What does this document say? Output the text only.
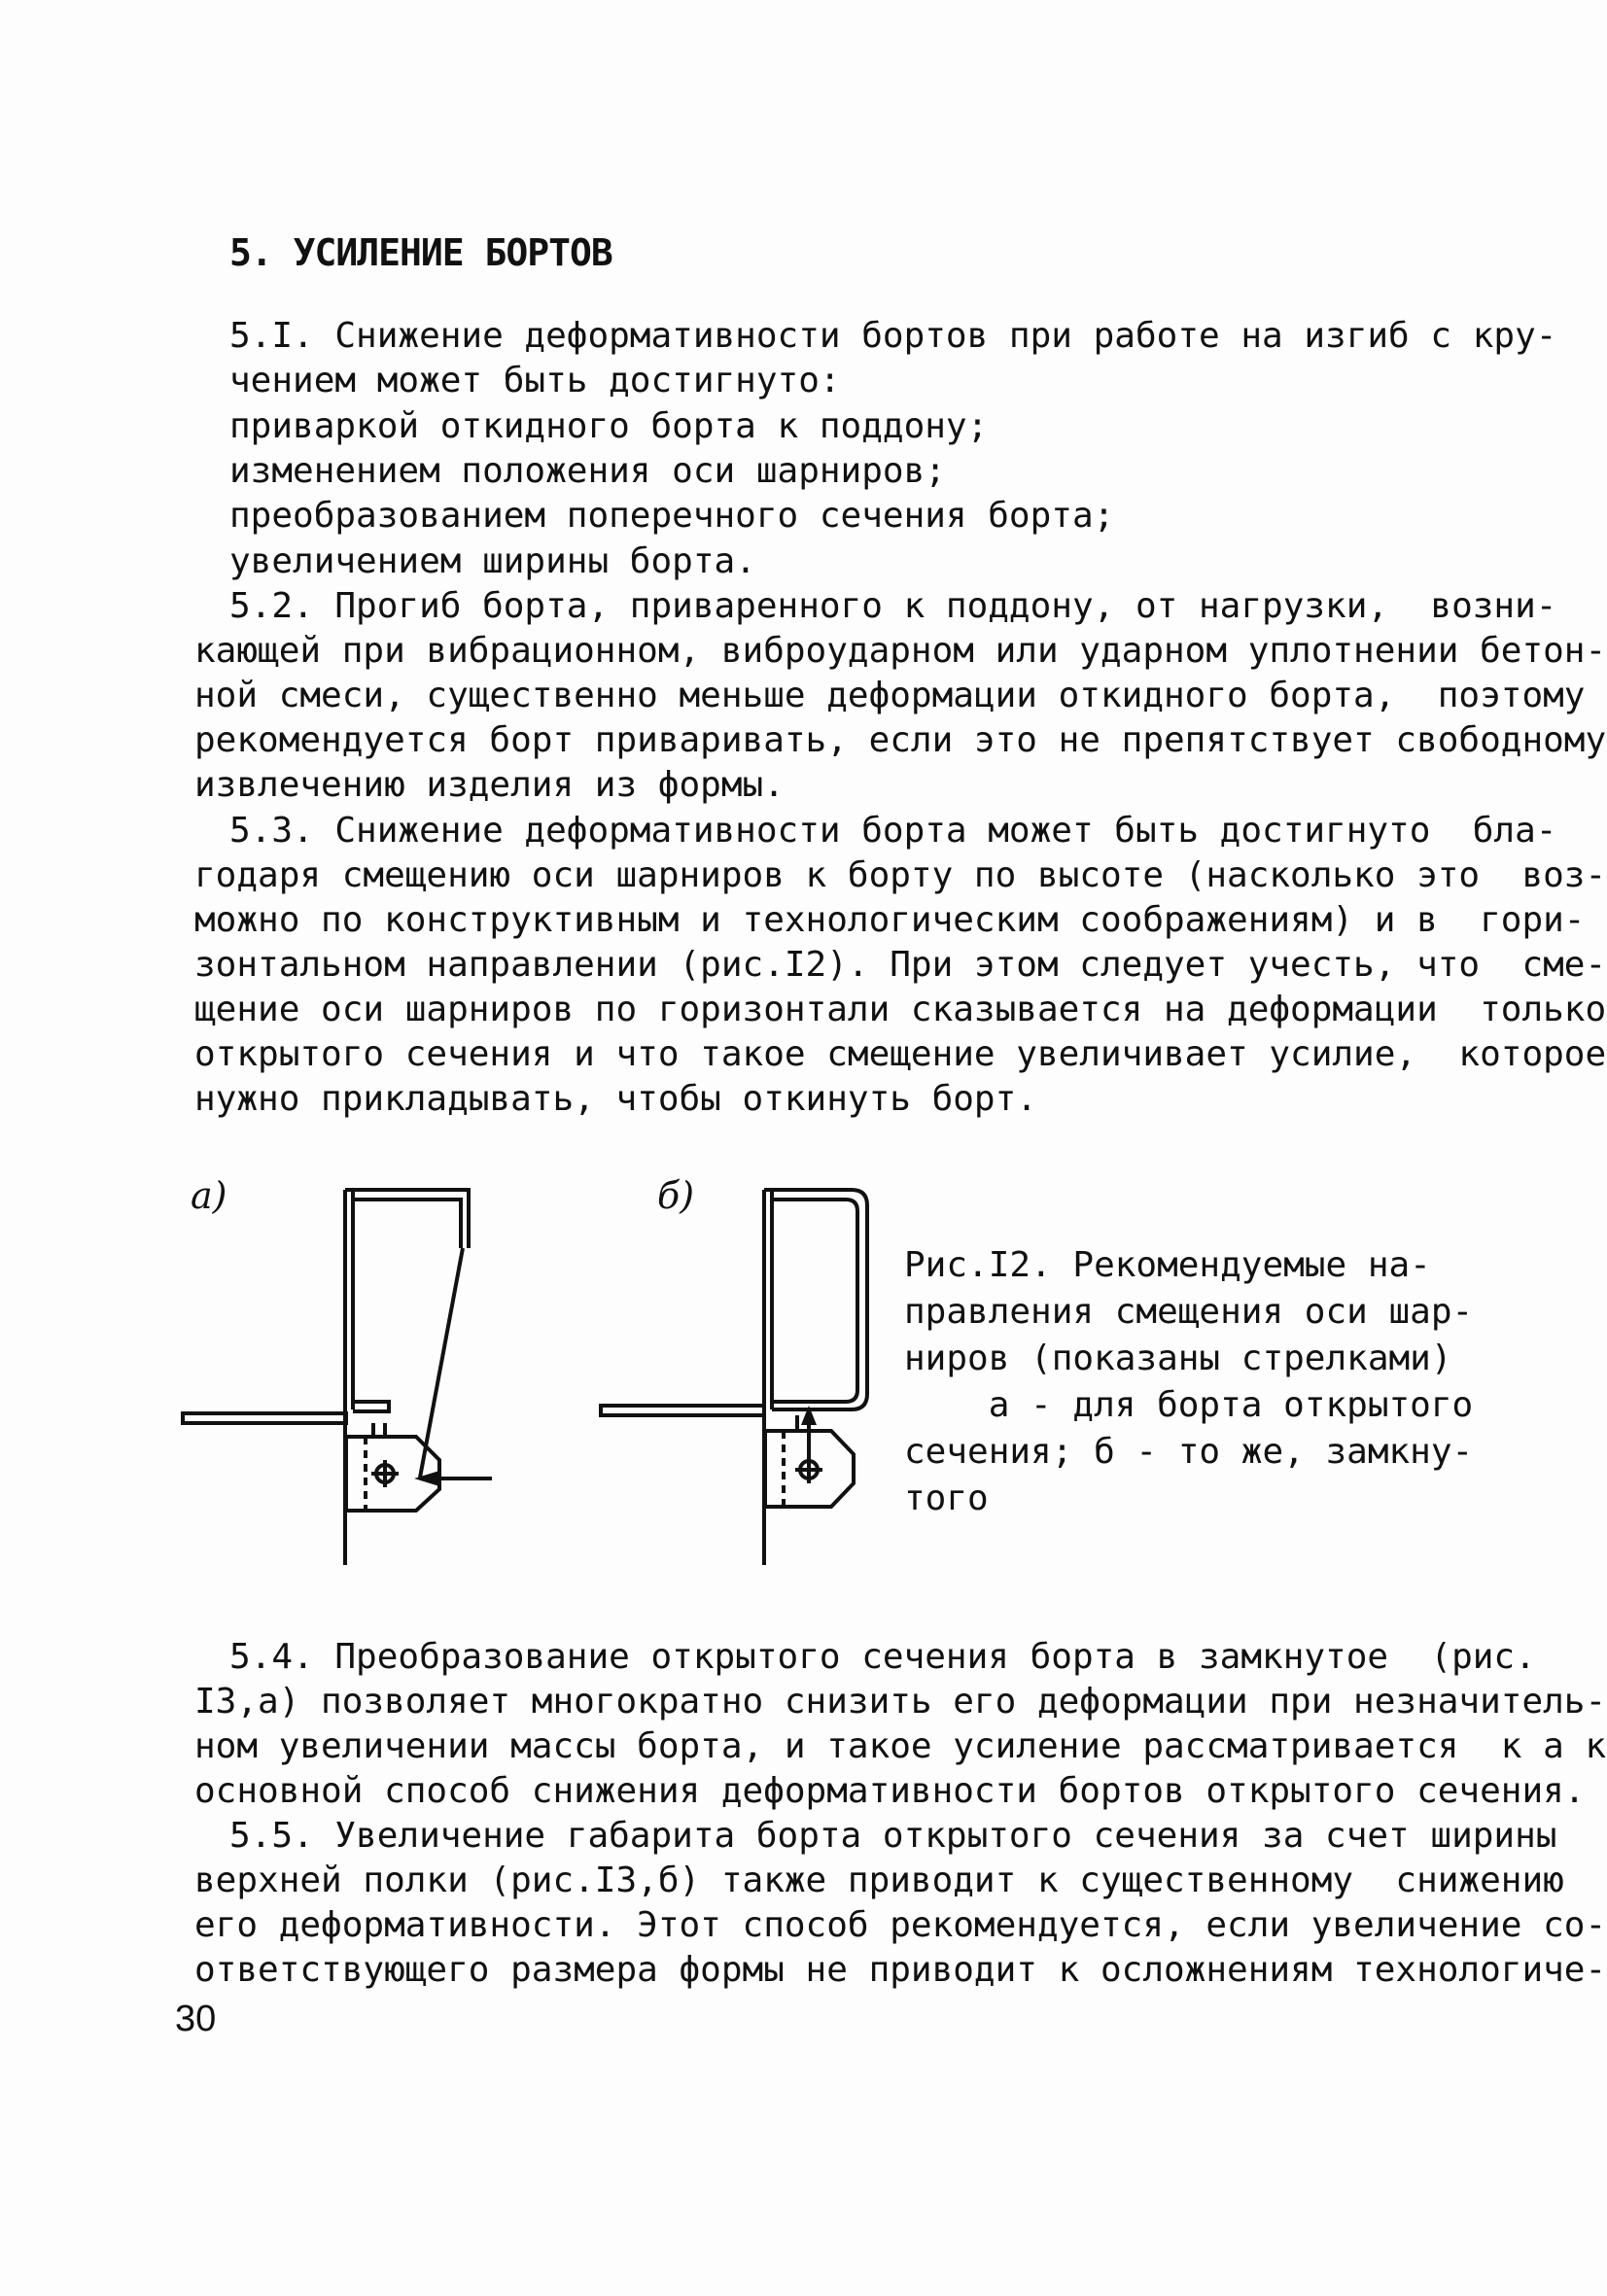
5. УСИЛЕНИЕ БОРТОВ
5.I. Снижение деформативности бортов при работе на изгиб с кру-
чением может быть достигнуто:
приваркой откидного борта к поддону;
изменением положения оси шарниров;
преобразованием поперечного сечения борта;
увеличением ширины борта.
5.2. Прогиб борта, приваренного к поддону, от нагрузки,  возни-
кающей при вибрационном, виброударном или ударном уплотнении бетон-
ной смеси, существенно меньше деформации откидного борта,  поэтому
рекомендуется борт приваривать, если это не препятствует свободному
извлечению изделия из формы.
5.3. Снижение деформативности борта может быть достигнуто  бла-
годаря смещению оси шарниров к борту по высоте (насколько это  воз-
можно по конструктивным и технологическим соображениям) и в  гори-
зонтальном направлении (рис.I2). При этом следует учесть, что  сме-
щение оси шарниров по горизонтали сказывается на деформации  только
открытого сечения и что такое смещение увеличивает усилие,  которое
нужно прикладывать, чтобы откинуть борт.
а)	б)
Рис.I2. Рекомендуемые на-
правления смещения оси шар-
ниров (показаны стрелками)
а - для борта открытого
сечения; б - то же, замкну-
того
5.4. Преобразование открытого сечения борта в замкнутое  (рис.
I3,а) позволяет многократно снизить его деформации при незначитель-
ном увеличении массы борта, и такое усиление рассматривается  к а к
основной способ снижения деформативности бортов открытого сечения.
5.5. Увеличение габарита борта открытого сечения за счет ширины
верхней полки (рис.I3,б) также приводит к существенному  снижению
его деформативности. Этот способ рекомендуется, если увеличение со-
ответствующего размера формы не приводит к осложнениям технологиче-
30
